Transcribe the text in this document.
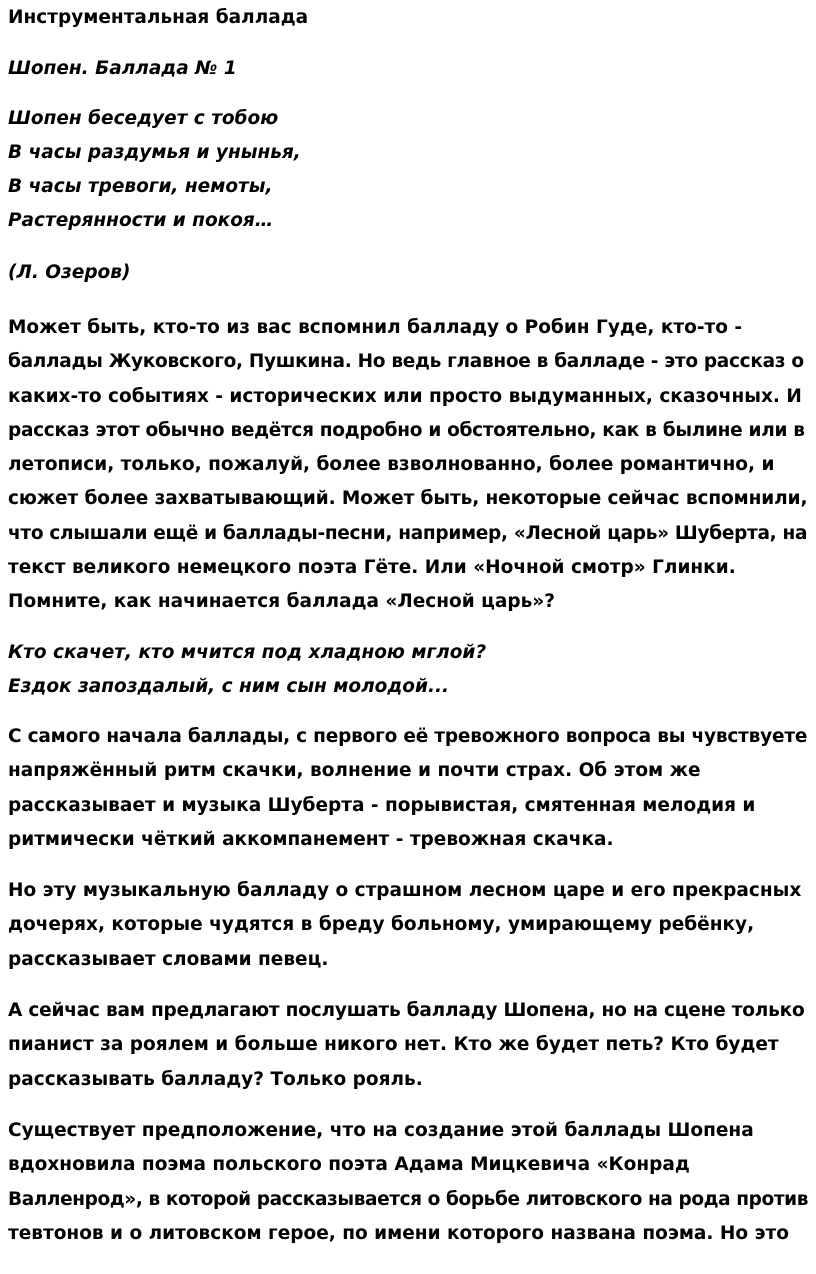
Инструментальная баллада

Шопен. Баллада № 1

Шопен беседует с тобою
В часы раздумья и унынья,
В часы тревоги, немоты,
Растерянности и покоя…

(Л. Озеров)

Может быть, кто-то из вас вспомнил балладу о Робин Гуде, кто-то -
баллады Жуковского, Пушкина. Но ведь главное в балладе - это рассказ о
каких-то событиях - исторических или просто выдуманных, сказочных. И
рассказ этот обычно ведётся подробно и обстоятельно, как в былине или в
летописи, только, пожалуй, более взволнованно, более романтично, и
сюжет более захватывающий. Может быть, некоторые сейчас вспомнили,
что слышали ещё и баллады-песни, например, «Лесной царь» Шуберта, на
текст великого немецкого поэта Гёте. Или «Ночной смотр» Глинки.
Помните, как начинается баллада «Лесной царь»?
Кто скачет, кто мчится под хладною мглой?
Ездок запоздалый, с ним сын молодой...
С самого начала баллады, с первого её тревожного вопроса вы чувствуете
напряжённый ритм скачки, волнение и почти страх. Об этом же
рассказывает и музыка Шуберта - порывистая, смятенная мелодия и
ритмически чёткий аккомпанемент - тревожная скачка.
Но эту музыкальную балладу о страшном лесном царе и его прекрасных
дочерях, которые чудятся в бреду больному, умирающему ребёнку,
рассказывает словами певец.
А сейчас вам предлагают послушать балладу Шопена, но на сцене только
пианист за роялем и больше никого нет. Кто же будет петь? Кто будет
рассказывать балладу? Только рояль.
Существует предположение, что на создание этой баллады Шопена
вдохновила поэма польского поэта Адама Мицкевича «Конрад
Валленрод», в которой рассказывается о борьбе литовского на рода против
тевтонов и о литовском герое, по имени которого названа поэма. Но это
